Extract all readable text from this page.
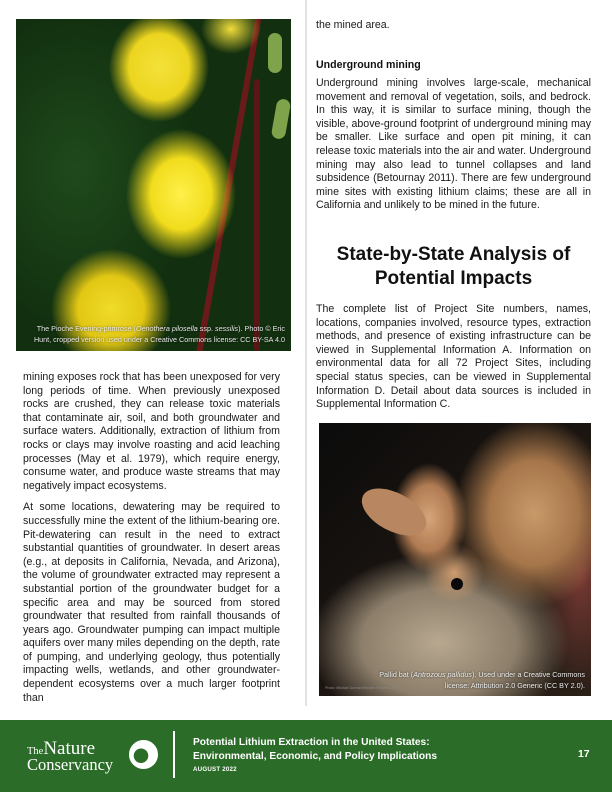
The Pioche Evening-primrose (Oenothera pilosella ssp. sessilis). Photo © Eric
Hunt, cropped version used under a Creative Commons license: CC BY-SA 4.0

mining exposes rock that has been unexposed for very long periods of time. When previously unexposed rocks are crushed, they can release toxic materials that contaminate air, soil, and both groundwater and surface waters. Additionally, extraction of lithium from rocks or clays may involve roasting and acid leaching processes (May et al. 1979), which require energy, consume water, and produce waste streams that may negatively impact ecosystems.

At some locations, dewatering may be required to successfully mine the extent of the lithium-bearing ore. Pit-dewatering can result in the need to extract substantial quantities of groundwater. In desert areas (e.g., at deposits in California, Nevada, and Arizona), the volume of groundwater extracted may represent a substantial portion of the groundwater budget for a specific area and may be sourced from stored groundwater that resulted from rainfall thousands of years ago. Groundwater pumping can impact multiple aquifers over many miles depending on the depth, rate of pumping, and underlying geology, thus potentially impacting wells, wetlands, and other groundwater-dependent ecosystems over a much larger footprint than

the mined area.

Underground mining

Underground mining involves large-scale, mechanical movement and removal of vegetation, soils, and bedrock. In this way, it is similar to surface mining, though the visible, above-ground footprint of underground mining may be smaller. Like surface and open pit mining, it can release toxic materials into the air and water. Underground mining may also lead to tunnel collapses and land subsidence (Betournay 2011). There are few underground mine sites with existing lithium claims; these are all in California and unlikely to be mined in the future.

State-by-State Analysis of
Potential Impacts

The complete list of Project Site numbers, names, locations, companies involved, resource types, extraction methods, and presence of existing infrastructure can be viewed in Supplemental Information A. Information on environmental data for all 72 Project Sites, including special status species, can be viewed in Supplemental Information D. Detail about data sources is included in Supplemental Information C.

Photo: Michael Durham/Minden Pictures, BCI
Pallid bat (Antrozous pallidus). Used under a Creative Commons
license: Attribution 2.0 Generic (CC BY 2.0).
TheNature
Conservancy
Potential Lithium Extraction in the United States:
Environmental, Economic, and Policy Implications
AUGUST 2022
17
